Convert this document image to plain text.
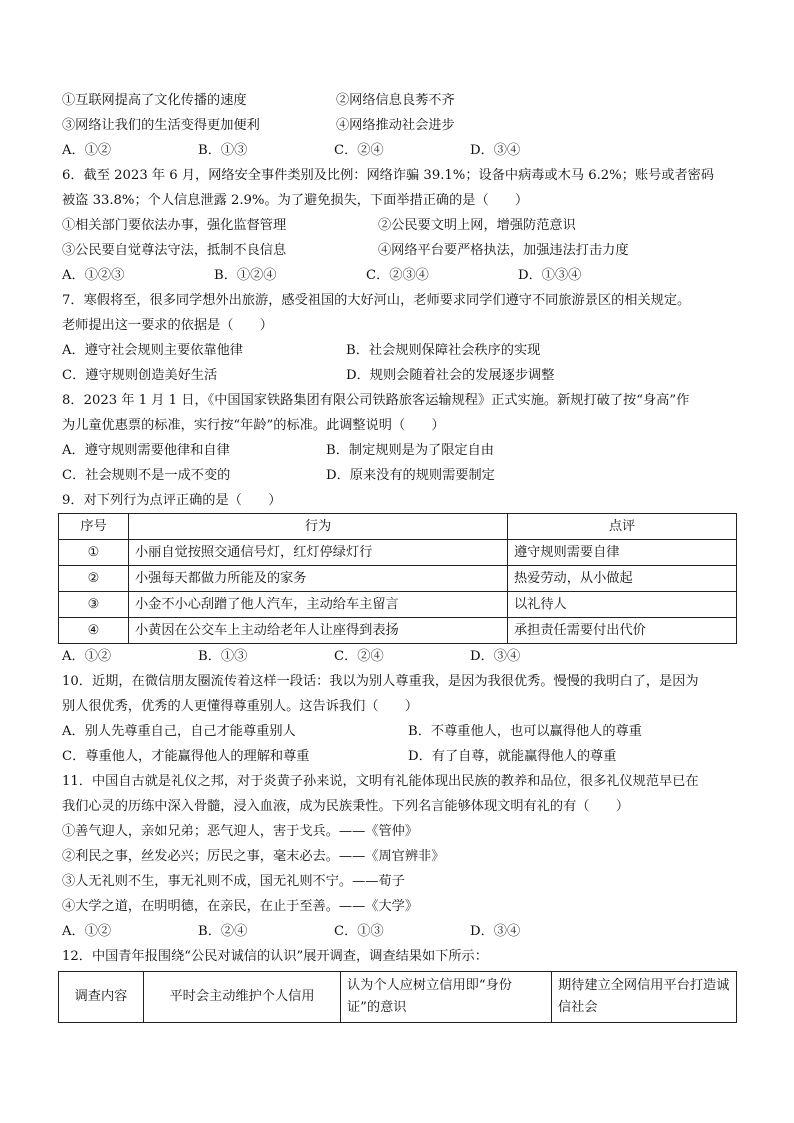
①互联网提高了文化传播的速度	②网络信息良莠不齐
③网络让我们的生活变得更加便利	④网络推动社会进步
A．①②	B．①③	C．②④	D．③④
6．截至 2023 年 6 月，网络安全事件类别及比例：网络诈骗 39.1%；设备中病毒或木马 6.2%；账号或者密码
被盗 33.8%；个人信息泄露 2.9%。为了避免损失，下面举措正确的是（　　）
①相关部门要依法办事，强化监督管理	②公民要文明上网，增强防范意识
③公民要自觉尊法守法，抵制不良信息	④网络平台要严格执法，加强违法打击力度
A．①②③	B．①②④	C．②③④	D．①③④
7．寒假将至，很多同学想外出旅游，感受祖国的大好河山，老师要求同学们遵守不同旅游景区的相关规定。
老师提出这一要求的依据是（　　）
A．遵守社会规则主要依靠他律	B．社会规则保障社会秩序的实现
C．遵守规则创造美好生活	D．规则会随着社会的发展逐步调整
8．2023 年 1 月 1 日，《中国国家铁路集团有限公司铁路旅客运输规程》正式实施。新规打破了按“身高”作
为儿童优惠票的标准，实行按“年龄”的标准。此调整说明（　　）
A．遵守规则需要他律和自律	B．制定规则是为了限定自由
C．社会规则不是一成不变的	D．原来没有的规则需要制定
9．对下列行为点评正确的是（　　）
序号	行为	点评
①	小丽自觉按照交通信号灯，红灯停绿灯行	遵守规则需要自律
②	小强每天都做力所能及的家务	热爱劳动，从小做起
③	小金不小心刮蹭了他人汽车，主动给车主留言	以礼待人
④	小黄因在公交车上主动给老年人让座得到表扬	承担责任需要付出代价
A．①②	B．①③	C．②④	D．③④
10．近期，在微信朋友圈流传着这样一段话：我以为别人尊重我，是因为我很优秀。慢慢的我明白了，是因为
别人很优秀，优秀的人更懂得尊重别人。这告诉我们（　　）
A．别人先尊重自己，自己才能尊重别人	B．不尊重他人，也可以赢得他人的尊重
C．尊重他人，才能赢得他人的理解和尊重	D．有了自尊，就能赢得他人的尊重
11．中国自古就是礼仪之邦，对于炎黄子孙来说，文明有礼能体现出民族的教养和品位，很多礼仪规范早已在
我们心灵的历练中深入骨髓，浸入血液，成为民族秉性。下列名言能够体现文明有礼的有（　　）
①善气迎人，亲如兄弟；恶气迎人，害于戈兵。——《管仲》
②利民之事，丝发必兴；厉民之事，毫末必去。——《周官辨非》
③人无礼则不生，事无礼则不成，国无礼则不宁。——荀子
④大学之道，在明明德，在亲民，在止于至善。——《大学》
A．①②	B．②④	C．①③	D．③④
12．中国青年报围绕“公民对诚信的认识”展开调查，调查结果如下所示：
调查内容	平时会主动维护个人信用	认为个人应树立信用即“身份证”的意识	期待建立全网信用平台打造诚信社会
